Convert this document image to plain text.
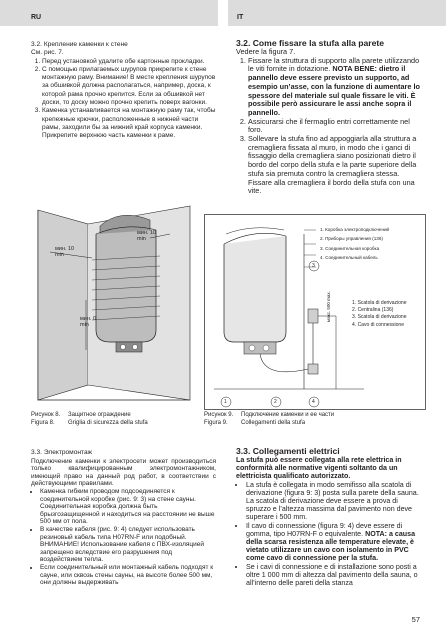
RU	IT

3.2. Крепление каменки к стене

См. рис. 7.

1. Перед установкой удалите обе картонные прокладки.
2. С помощью прилагаемых шурупов прикрепите к стене монтажную раму. Внимание! В месте крепления шурупов за обшивкой должна располагаться, например, доска, к которой рама прочно крепится. Если за обшивкой нет доски, то доску можно прочно крепить поверх вагонки.
3. Каменка устанавливается на монтажную раму так, чтобы крепежные крючки, расположенные в нижней части рамы, заходили бы за нижний край корпуса каменки. Прикрепите верхнюю часть каменки к раме.

3.2. Come fissare la stufa alla parete

Vedere la figura 7.

1. Fissare la struttura di supporto alla parete utilizzando le viti fornite in dotazione. NOTA BENE: dietro il pannello deve essere previsto un supporto, ad esempio un’asse, con la funzione di aumentare lo spessore del materiale sul quale fissare le viti. È possibile però assicurare le assi anche sopra il pannello.
2. Assicurarsi che il fermaglio entri correttamente nel foro.
3. Sollevare la stufa fino ad appoggiarla alla struttura a cremagliera fissata al muro, in modo che i ganci di fissaggio della cremagliera siano posizionati dietro il bordo del corpo della stufa e la parte superiore della stufa sia premuta contro la cremagliera stessa. Fissare alla cremagliera il bordo della stufa con una vite.
мин. 10
min
мин. 10
min
мин. 0
min
Рисунок 8. Защитное ограждение
Figura 8. Griglia di sicurezza della stufa
3
1	2	4
макс. 500 max.
1. Коробка электроподключений
2. Приборы управления (136)
3. Соединительная коробка
4. Соединительный кабель
1. Scatola di derivazione
2. Centralina (136)
3. Scatola di derivazione
4. Cavo di connessione
Рисунок 9. Подключение каменки и ее части
Figura 9. Collegamenti della stufa

3.3. Электромонтаж

Подключение каменки к электросети может производиться только квалифицированным электромонтажником, имеющий право на данный род работ, в соответствии с действующими правилами.

• Каменка гибким проводом подсоединяется к соединительной коробке (рис. 9: 3) на стене сауны. Соединительная коробка должна быть брызгозащищенной и находиться на расстоянии не выше 500 мм от пола.
• В качестве кабеля (рис. 9: 4) следует использовать резиновый кабель типа H07RN-F или подобный. ВНИМАНИЕ! Использование кабеля с ПВХ-изоляцией запрещено вследствие его разрушения под воздействием тепла.
• Если соединительный или монтажный кабель подходят к сауне, или сквозь стены сауны, на высоте более 500 мм, они должны выдерживать

3.3. Collegamenti elettrici

La stufa può essere collegata alla rete elettrica in conformità alle normative vigenti soltanto da un elettricista qualificato autorizzato.

• La stufa è collegata in modo semifisso alla scatola di derivazione (figura 9: 3) posta sulla parete della sauna. La scatola di derivazione deve essere a prova di spruzzo e l’altezza massima dal pavimento non deve superare i 500 mm.
• Il cavo di connessione (figura 9: 4) deve essere di gomma, tipo H07RN-F o equivalente. NOTA: a causa della scarsa resistenza alle temperature elevate, è vietato utilizzare un cavo con isolamento in PVC come cavo di connessione per la stufa.
• Se i cavi di connessione e di installazione sono posti a oltre 1 000 mm di altezza dal pavimento della sauna, o all’interno delle pareti della stanza
57
